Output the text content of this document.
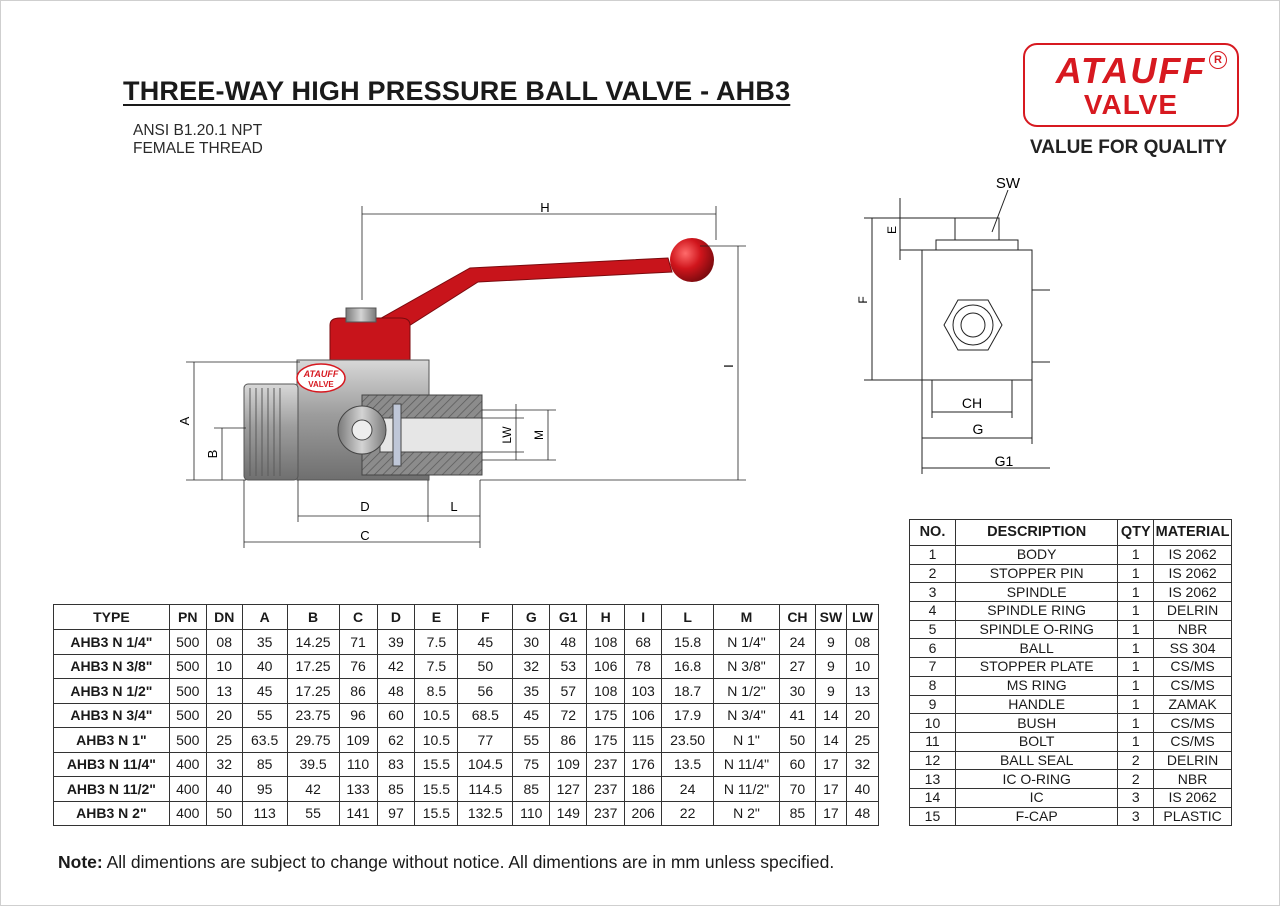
THREE-WAY HIGH PRESSURE BALL VALVE - AHB3
ANSI B1.20.1 NPT
FEMALE THREAD
ATAUFF
VALVE
R
VALUE FOR QUALITY
ATAUFF
VALVE
H
I
A
B
D	L
C
LW M
SW
E
F
CH
G
G1
NO.	DESCRIPTION	QTY	MATERIAL
1	BODY	1	IS 2062
2	STOPPER PIN	1	IS 2062
3	SPINDLE	1	IS 2062
4	SPINDLE RING	1	DELRIN
5	SPINDLE O-RING	1	NBR
6	BALL	1	SS 304
7	STOPPER PLATE	1	CS/MS
8	MS RING	1	CS/MS
9	HANDLE	1	ZAMAK
10	BUSH	1	CS/MS
11	BOLT	1	CS/MS
12	BALL SEAL	2	DELRIN
13	IC O-RING	2	NBR
14	IC	3	IS 2062
15	F-CAP	3	PLASTIC
TYPE	PN	DN	A	B	C	D	E	F	G	G1	H	I	L	M	CH	SW	LW
AHB3 N 1/4"	500	08	35	14.25	71	39	7.5	45	30	48	108	68	15.8	N 1/4"	24	9	08
AHB3 N 3/8"	500	10	40	17.25	76	42	7.5	50	32	53	106	78	16.8	N 3/8"	27	9	10
AHB3 N 1/2"	500	13	45	17.25	86	48	8.5	56	35	57	108	103	18.7	N 1/2"	30	9	13
AHB3 N 3/4"	500	20	55	23.75	96	60	10.5	68.5	45	72	175	106	17.9	N 3/4"	41	14	20
AHB3 N 1"	500	25	63.5	29.75	109	62	10.5	77	55	86	175	115	23.50	N 1"	50	14	25
AHB3 N 11/4"	400	32	85	39.5	110	83	15.5	104.5	75	109	237	176	13.5	N 11/4"	60	17	32
AHB3 N 11/2"	400	40	95	42	133	85	15.5	114.5	85	127	237	186	24	N 11/2"	70	17	40
AHB3 N 2"	400	50	113	55	141	97	15.5	132.5	110	149	237	206	22	N 2"	85	17	48
Note: All dimentions are subject to change without notice. All dimentions are in mm unless specified.
